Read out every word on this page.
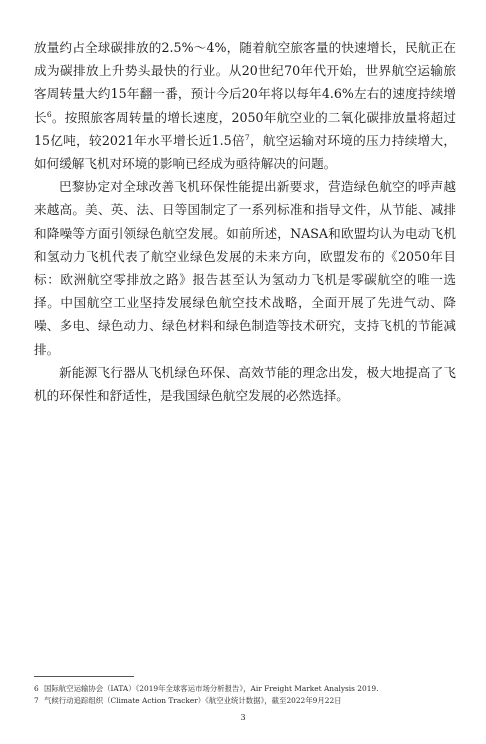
放量约占全球碳排放的2.5%～4%，随着航空旅客量的快速增长，民航正在成为碳排放上升势头最快的行业。从20世纪70年代开始，世界航空运输旅客周转量大约15年翻一番，预计今后20年将以每年4.6%左右的速度持续增长$^6$。按照旅客周转量的增长速度，2050年航空业的二氧化碳排放量将超过15亿吨，较2021年水平增长近1.5倍$^7$，航空运输对环境的压力持续增大，如何缓解飞机对环境的影响已经成为亟待解决的问题。

巴黎协定对全球改善飞机环保性能提出新要求，营造绿色航空的呼声越来越高。美、英、法、日等国制定了一系列标准和指导文件，从节能、减排和降噪等方面引领绿色航空发展。如前所述，NASA和欧盟均认为电动飞机和氢动力飞机代表了航空业绿色发展的未来方向，欧盟发布的《2050年目标：欧洲航空零排放之路》报告甚至认为氢动力飞机是零碳航空的唯一选择。中国航空工业坚持发展绿色航空技术战略，全面开展了先进气动、降噪、多电、绿色动力、绿色材料和绿色制造等技术研究，支持飞机的节能减排。

新能源飞行器从飞机绿色环保、高效节能的理念出发，极大地提高了飞机的环保性和舒适性，是我国绿色航空发展的必然选择。

6 国际航空运输协会（IATA）《2019年全球客运市场分析报告》，Air Freight Market Analysis 2019.

7 气候行动追踪组织（Climate Action Tracker）《航空业统计数据》，截至2022年9月22日

3
